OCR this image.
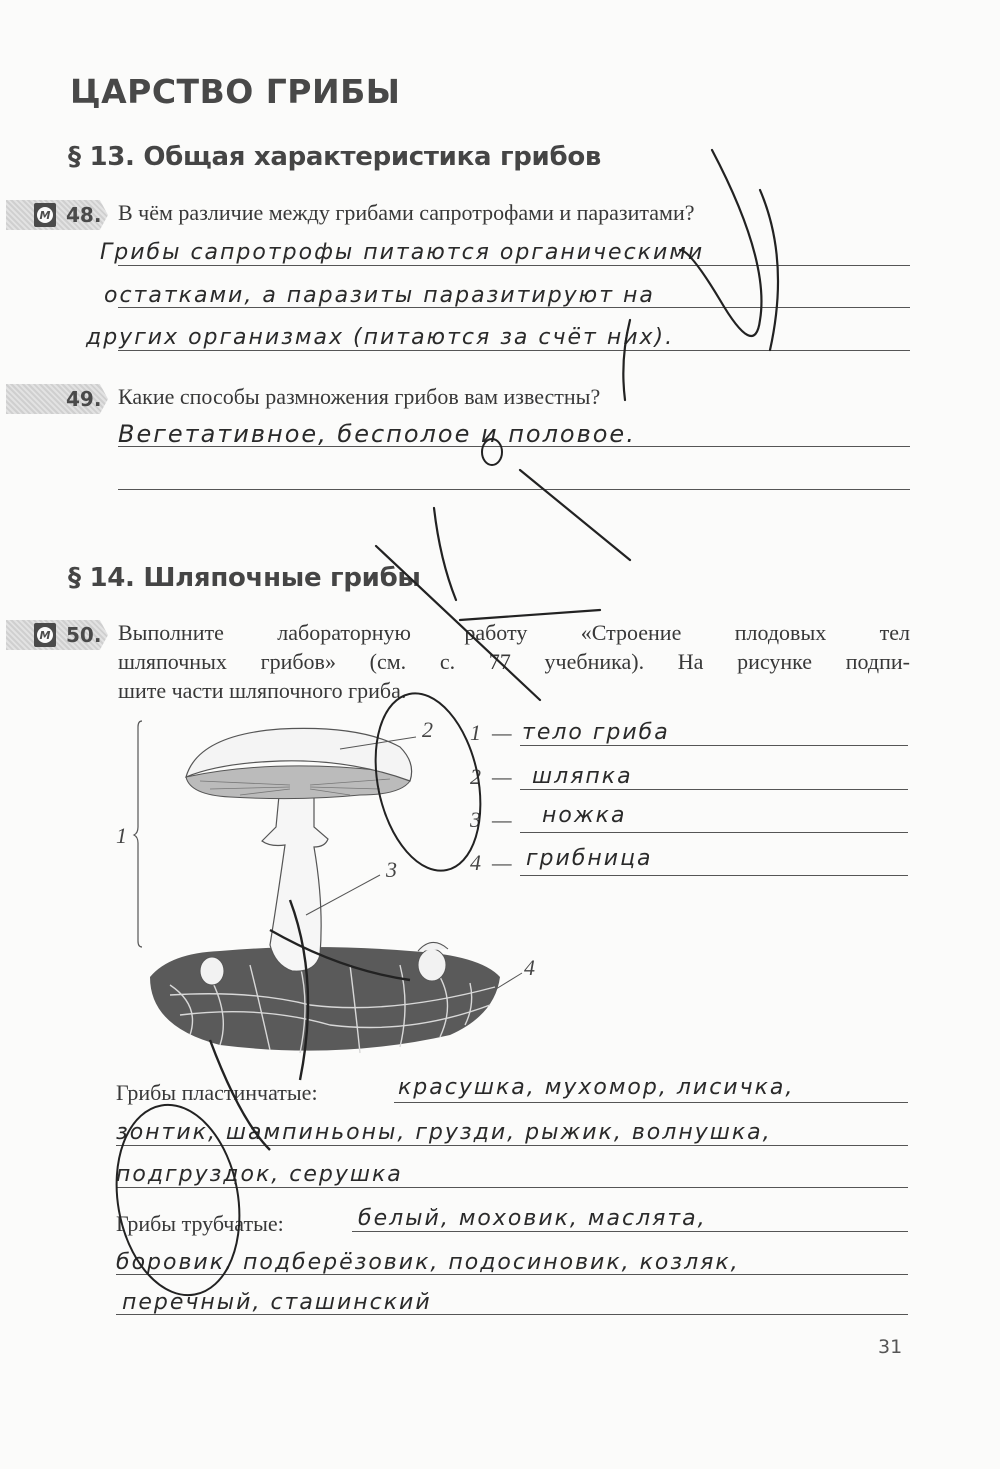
ЦАРСТВО ГРИБЫ
§ 13. Общая характеристика грибов
M 48. В чём различие между грибами сапротрофами и паразитами?
Грибы сапротрофы питаются органическими
остатками, а паразиты паразитируют на
других организмах (питаются за счёт них).
49. Какие способы размножения грибов вам известны?
Вегетативное, бесполое и половое.
§ 14. Шляпочные грибы
M 50. Выполните лабораторную работу «Строение плодовых тел
шляпочных грибов» (см. с. 77 учебника). На рисунке подпи-
шите части шляпочного гриба.
1
2
3
4
1 — тело гриба
2 — шляпка
3 — ножка
4 — грибница
Грибы пластинчатые:	красушка, мухомор, лисичка,
зонтик, шампиньоны, грузди, рыжик, волнушка,
подгруздок, серушка
Грибы трубчатые:	белый, моховик, маслята,
боровик, подберёзовик, подосиновик, козляк,
перечный, сташинский
31
